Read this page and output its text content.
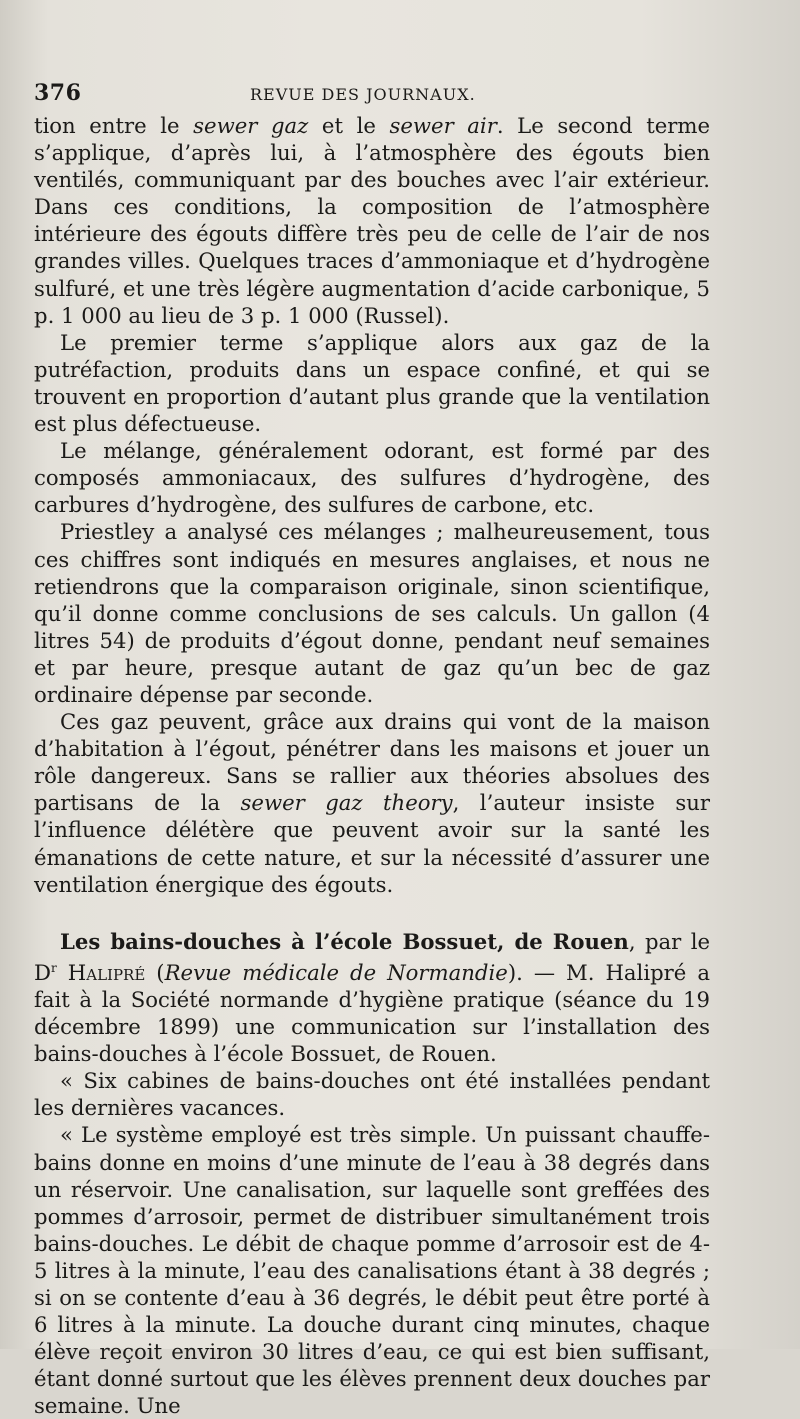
376	REVUE DES JOURNAUX.

tion entre le sewer gaz et le sewer air. Le second terme s’applique, d’après lui, à l’atmosphère des égouts bien ventilés, communiquant par des bouches avec l’air extérieur. Dans ces conditions, la composition de l’atmosphère intérieure des égouts diffère très peu de celle de l’air de nos grandes villes. Quelques traces d’ammoniaque et d’hydrogène sulfuré, et une très légère augmentation d’acide carbonique, 5 p. 1 000 au lieu de 3 p. 1 000 (Russel).

Le premier terme s’applique alors aux gaz de la putréfaction, produits dans un espace confiné, et qui se trouvent en proportion d’autant plus grande que la ventilation est plus défectueuse.

Le mélange, généralement odorant, est formé par des composés ammoniacaux, des sulfures d’hydrogène, des carbures d’hydrogène, des sulfures de carbone, etc.

Priestley a analysé ces mélanges ; malheureusement, tous ces chiffres sont indiqués en mesures anglaises, et nous ne retiendrons que la comparaison originale, sinon scientifique, qu’il donne comme conclusions de ses calculs. Un gallon (4 litres 54) de produits d’égout donne, pendant neuf semaines et par heure, presque autant de gaz qu’un bec de gaz ordinaire dépense par seconde.

Ces gaz peuvent, grâce aux drains qui vont de la maison d’habitation à l’égout, pénétrer dans les maisons et jouer un rôle dangereux. Sans se rallier aux théories absolues des partisans de la sewer gaz theory, l’auteur insiste sur l’influence délétère que peuvent avoir sur la santé les émanations de cette nature, et sur la nécessité d’assurer une ventilation énergique des égouts.

Les bains-douches à l’école Bossuet, de Rouen, par le $D^r$ Halipré (Revue médicale de Normandie). — M. Halipré a fait à la Société normande d’hygiène pratique (séance du 19 décembre 1899) une communication sur l’installation des bains-douches à l’école Bossuet, de Rouen.

« Six cabines de bains-douches ont été installées pendant les dernières vacances.

« Le système employé est très simple. Un puissant chauffe-bains donne en moins d’une minute de l’eau à 38 degrés dans un réservoir. Une canalisation, sur laquelle sont greffées des pommes d’arrosoir, permet de distribuer simultanément trois bains-douches. Le débit de chaque pomme d’arrosoir est de 4-5 litres à la minute, l’eau des canalisations étant à 38 degrés ; si on se contente d’eau à 36 degrés, le débit peut être porté à 6 litres à la minute. La douche durant cinq minutes, chaque élève reçoit environ 30 litres d’eau, ce qui est bien suffisant, étant donné surtout que les élèves prennent deux douches par semaine. Une
